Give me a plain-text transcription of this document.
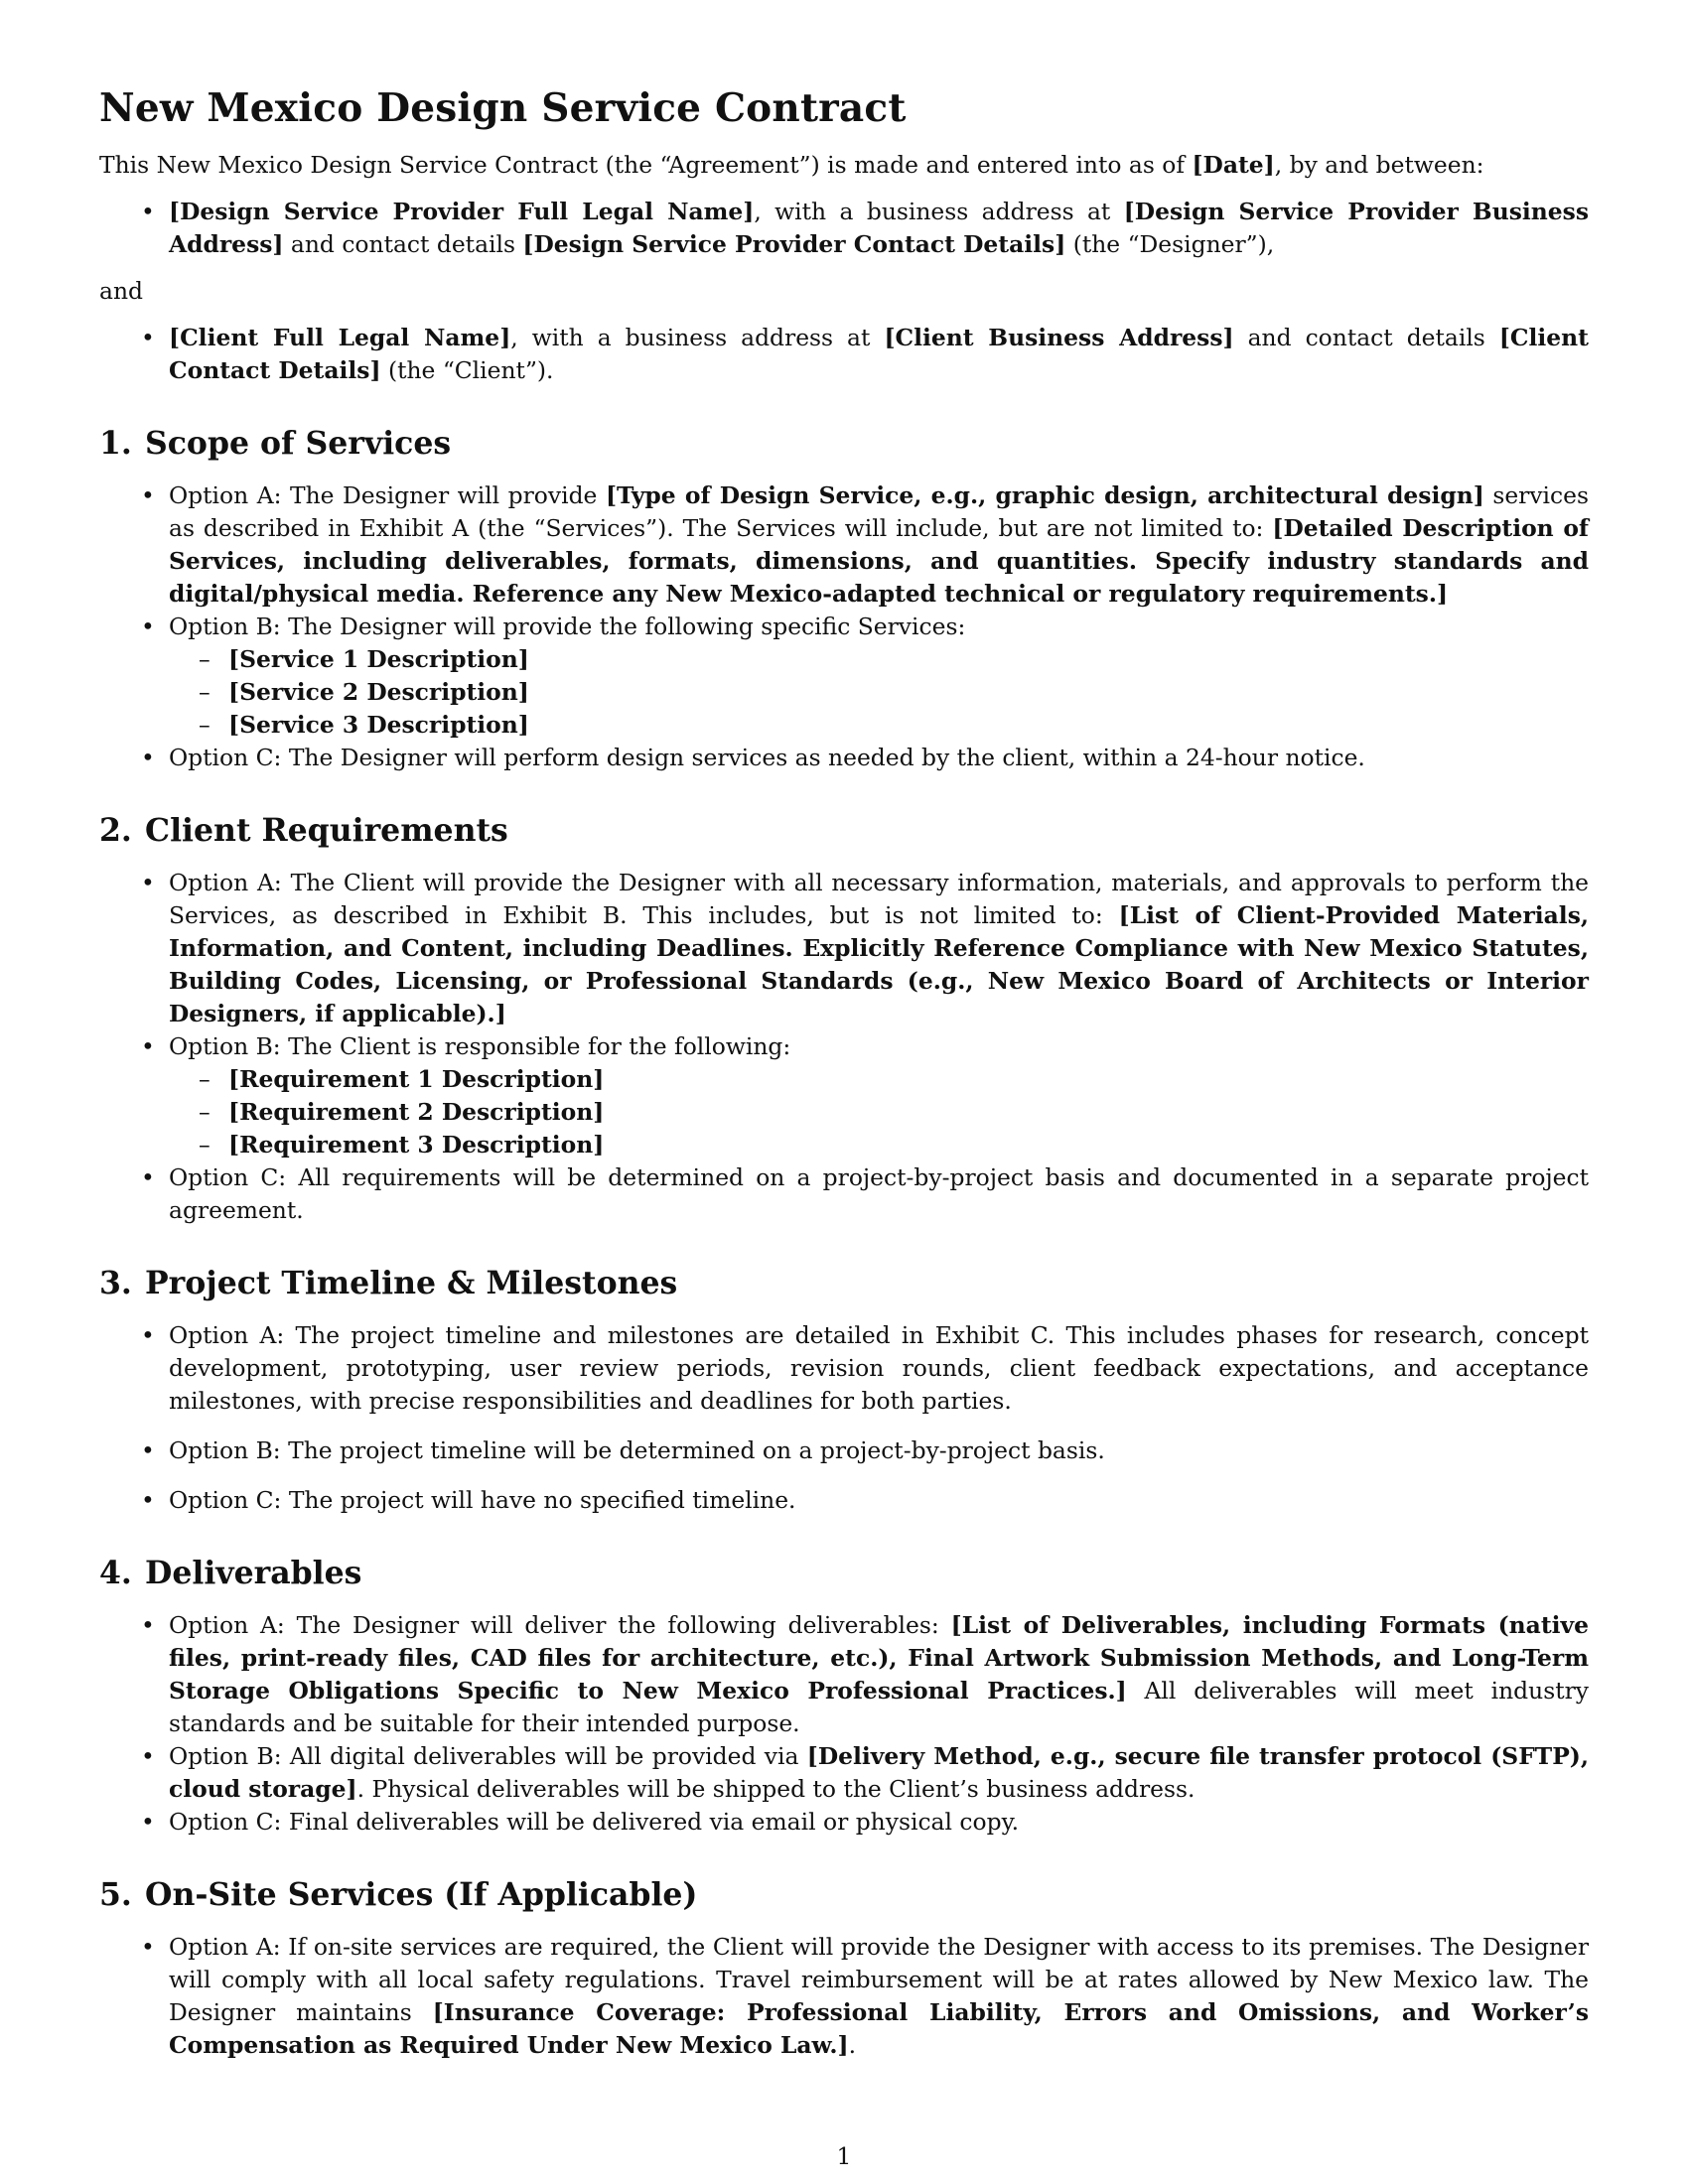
New Mexico Design Service Contract

This New Mexico Design Service Contract (the “Agreement”) is made and entered into as of [Date], by and between:

• [Design Service Provider Full Legal Name], with a business address at [Design Service Provider Business Address] and contact details [Design Service Provider Contact Details] (the “Designer”),

and

• [Client Full Legal Name], with a business address at [Client Business Address] and contact details [Client Contact Details] (the “Client”).
1. Scope of Services
• Option A: The Designer will provide [Type of Design Service, e.g., graphic design, architectural design] services as described in Exhibit A (the “Services”). The Services will include, but are not limited to: [Detailed Description of Services, including deliverables, formats, dimensions, and quantities. Specify industry standards and digital/physical media. Reference any New Mexico-adapted technical or regulatory requirements.]
• Option B: The Designer will provide the following specific Services:
– [Service 1 Description]
– [Service 2 Description]
– [Service 3 Description]
• Option C: The Designer will perform design services as needed by the client, within a 24-hour notice.
2. Client Requirements
• Option A: The Client will provide the Designer with all necessary information, materials, and approvals to perform the Services, as described in Exhibit B. This includes, but is not limited to: [List of Client-Provided Materials, Information, and Content, including Deadlines. Explicitly Reference Compliance with New Mexico Statutes, Building Codes, Licensing, or Professional Standards (e.g., New Mexico Board of Architects or Interior Designers, if applicable).]
• Option B: The Client is responsible for the following:
– [Requirement 1 Description]
– [Requirement 2 Description]
– [Requirement 3 Description]
• Option C: All requirements will be determined on a project-by-project basis and documented in a separate project agreement.
3. Project Timeline & Milestones
• Option A: The project timeline and milestones are detailed in Exhibit C. This includes phases for research, concept development, prototyping, user review periods, revision rounds, client feedback expectations, and acceptance milestones, with precise responsibilities and deadlines for both parties.
• Option B: The project timeline will be determined on a project-by-project basis.
• Option C: The project will have no specified timeline.
4. Deliverables
• Option A: The Designer will deliver the following deliverables: [List of Deliverables, including Formats (native files, print-ready files, CAD files for architecture, etc.), Final Artwork Submission Methods, and Long-Term Storage Obligations Specific to New Mexico Professional Practices.] All deliverables will meet industry standards and be suitable for their intended purpose.
• Option B: All digital deliverables will be provided via [Delivery Method, e.g., secure file transfer protocol (SFTP), cloud storage]. Physical deliverables will be shipped to the Client’s business address.
• Option C: Final deliverables will be delivered via email or physical copy.
5. On-Site Services (If Applicable)
• Option A: If on-site services are required, the Client will provide the Designer with access to its premises. The Designer will comply with all local safety regulations. Travel reimbursement will be at rates allowed by New Mexico law. The Designer maintains [Insurance Coverage: Professional Liability, Errors and Omissions, and Worker’s Compensation as Required Under New Mexico Law.].
1
